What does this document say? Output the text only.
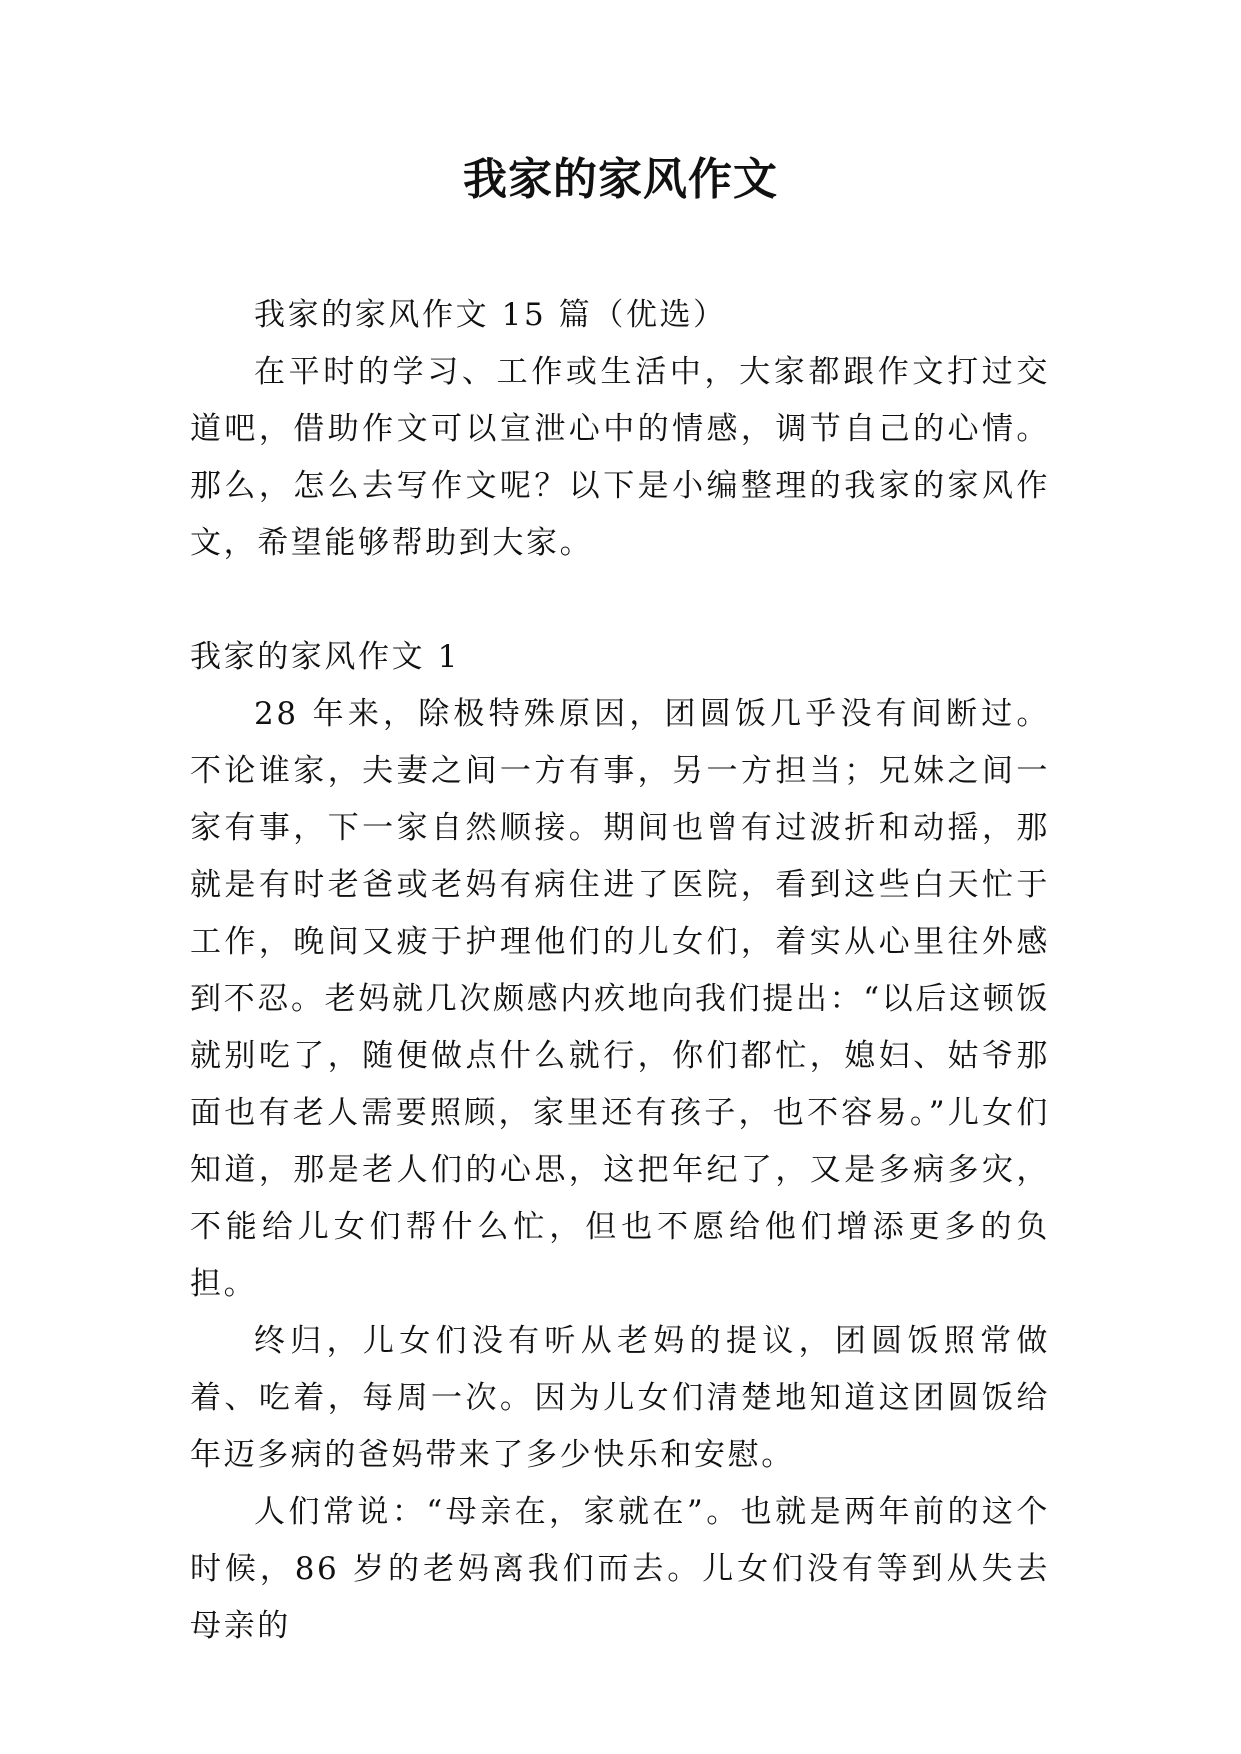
我家的家风作文

我家的家风作文 15 篇（优选）

在平时的学习、工作或生活中，大家都跟作文打过交道吧，借助作文可以宣泄心中的情感，调节自己的心情。那么，怎么去写作文呢？以下是小编整理的我家的家风作文，希望能够帮助到大家。

我家的家风作文 1

28 年来，除极特殊原因，团圆饭几乎没有间断过。不论谁家，夫妻之间一方有事，另一方担当；兄妹之间一家有事，下一家自然顺接。期间也曾有过波折和动摇，那就是有时老爸或老妈有病住进了医院，看到这些白天忙于工作，晚间又疲于护理他们的儿女们，着实从心里往外感到不忍。老妈就几次颇感内疚地向我们提出：“以后这顿饭就别吃了，随便做点什么就行，你们都忙，媳妇、姑爷那面也有老人需要照顾，家里还有孩子，也不容易。”儿女们知道，那是老人们的心思，这把年纪了，又是多病多灾，不能给儿女们帮什么忙，但也不愿给他们增添更多的负担。

终归，儿女们没有听从老妈的提议，团圆饭照常做着、吃着，每周一次。因为儿女们清楚地知道这团圆饭给年迈多病的爸妈带来了多少快乐和安慰。

人们常说：“母亲在，家就在”。也就是两年前的这个时候，86 岁的老妈离我们而去。儿女们没有等到从失去母亲的
